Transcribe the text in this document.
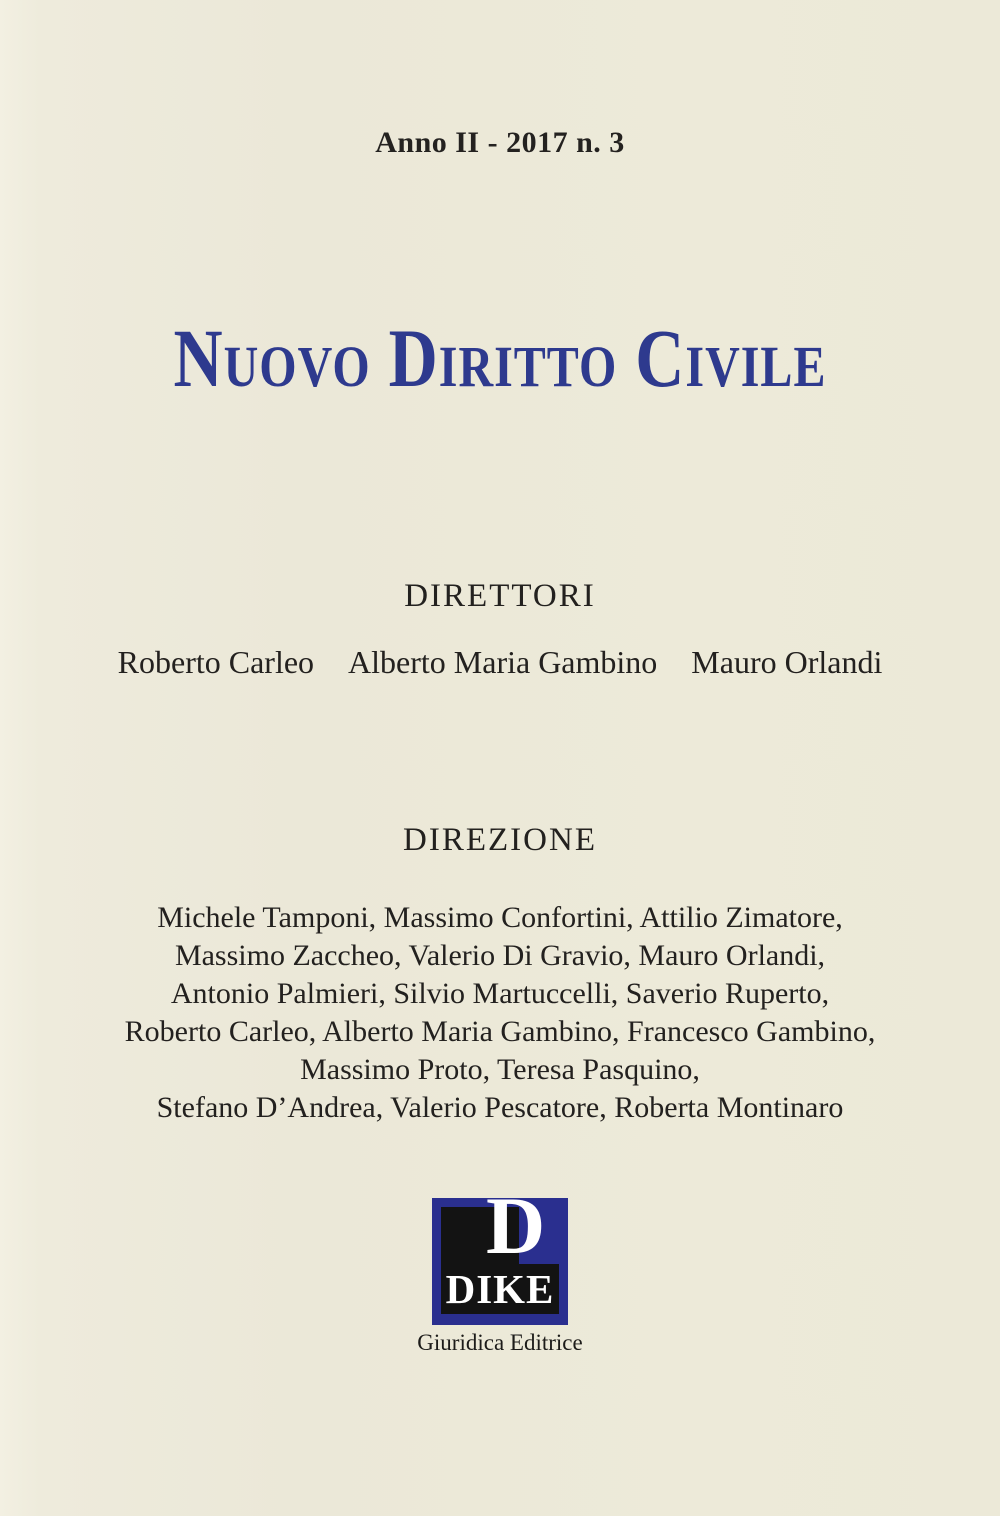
Anno II - 2017 n. 3
Nuovo Diritto Civile
DIRETTORI
Roberto Carleo Alberto Maria Gambino Mauro Orlandi
DIREZIONE
Michele Tamponi, Massimo Confortini, Attilio Zimatore,
Massimo Zaccheo, Valerio Di Gravio, Mauro Orlandi,
Antonio Palmieri, Silvio Martuccelli, Saverio Ruperto,
Roberto Carleo, Alberto Maria Gambino, Francesco Gambino,
Massimo Proto, Teresa Pasquino,
Stefano D’Andrea, Valerio Pescatore, Roberta Montinaro
D
DIKE
Giuridica Editrice
